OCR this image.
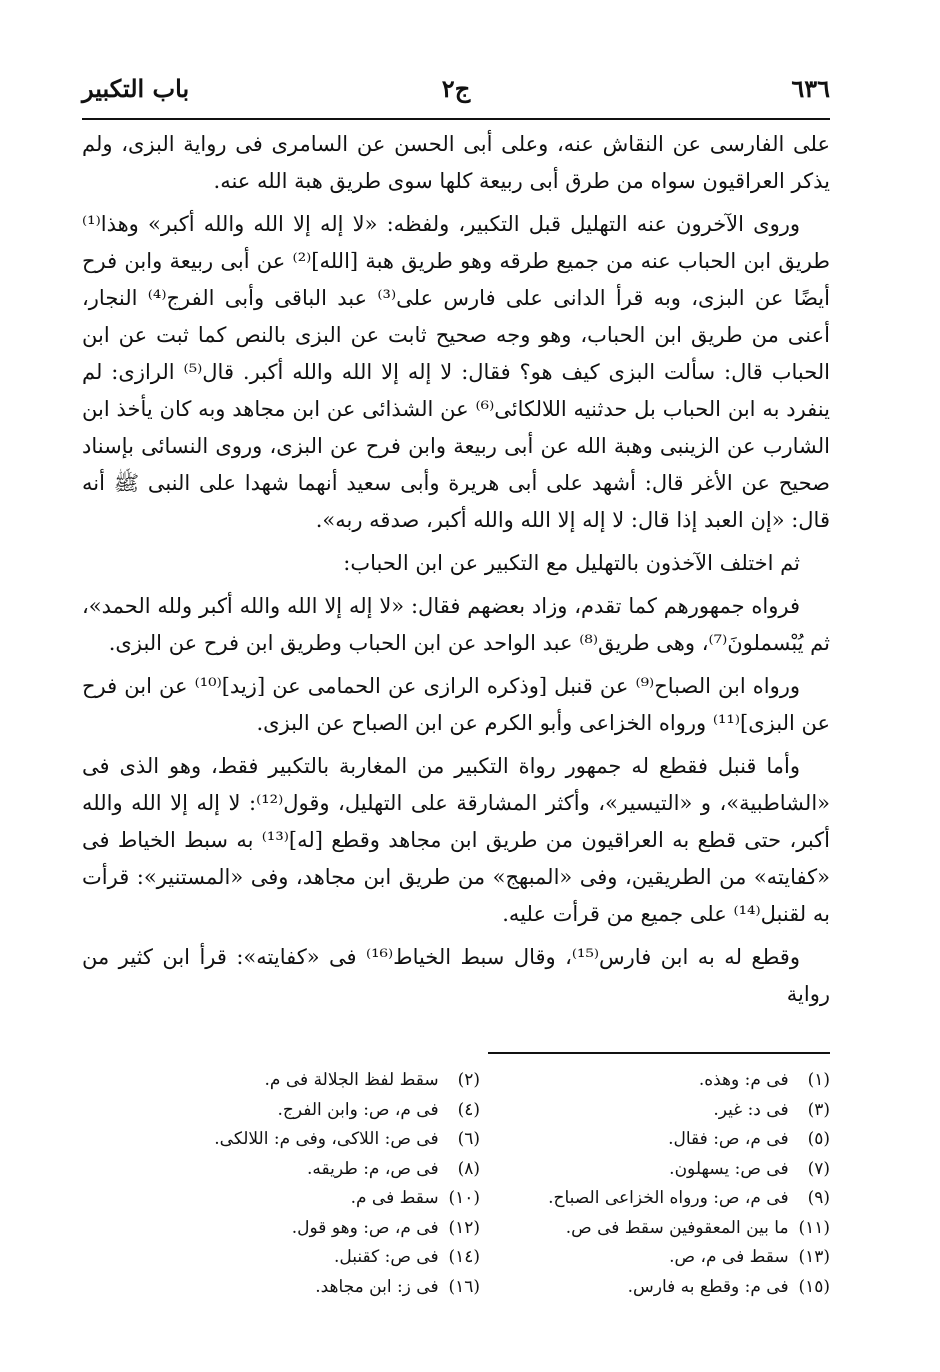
٦٣٦
ج٢
باب التكبير

على الفارسى عن النقاش عنه، وعلى أبى الحسن عن السامرى فى رواية البزى، ولم يذكر العراقيون سواه من طرق أبى ربيعة كلها سوى طريق هبة الله عنه.

وروى الآخرون عنه التهليل قبل التكبير، ولفظه: «لا إله إلا الله والله أكبر» وهذا⁽¹⁾ طريق ابن الحباب عنه من جميع طرقه وهو طريق هبة [الله]⁽²⁾ عن أبى ربيعة وابن فرح أيضًا عن البزى، وبه قرأ الدانى على فارس على⁽³⁾ عبد الباقى وأبى الفرج⁽⁴⁾ النجار، أعنى من طريق ابن الحباب، وهو وجه صحيح ثابت عن البزى بالنص كما ثبت عن ابن الحباب قال: سألت البزى كيف هو؟ فقال: لا إله إلا الله والله أكبر. قال⁽⁵⁾ الرازى: لم ينفرد به ابن الحباب بل حدثنيه اللالكائى⁽⁶⁾ عن الشذائى عن ابن مجاهد وبه كان يأخذ ابن الشارب عن الزينبى وهبة الله عن أبى ربيعة وابن فرح عن البزى، وروى النسائى بإسناد صحيح عن الأغر قال: أشهد على أبى هريرة وأبى سعيد أنهما شهدا على النبى ﷺ أنه قال: «إن العبد إذا قال: لا إله إلا الله والله أكبر، صدقه ربه».

ثم اختلف الآخذون بالتهليل مع التكبير عن ابن الحباب:

فرواه جمهورهم كما تقدم، وزاد بعضهم فقال: «لا إله إلا الله والله أكبر ولله الحمد»، ثم يُبْسملونَ⁽⁷⁾، وهى طريق⁽⁸⁾ عبد الواحد عن ابن الحباب وطريق ابن فرح عن البزى.

ورواه ابن الصباح⁽⁹⁾ عن قنبل [وذكره الرازى عن الحمامى عن [زيد]⁽¹⁰⁾ عن ابن فرح عن البزى]⁽¹¹⁾ ورواه الخزاعى وأبو الكرم عن ابن الصباح عن البزى.

وأما قنبل فقطع له جمهور رواة التكبير من المغاربة بالتكبير فقط، وهو الذى فى «الشاطبية»، و «التيسير»، وأكثر المشارقة على التهليل، وقول⁽¹²⁾: لا إله إلا الله والله أكبر، حتى قطع به العراقيون من طريق ابن مجاهد وقطع [له]⁽¹³⁾ به سبط الخياط فى «كفايته» من الطريقين، وفى «المبهج» من طريق ابن مجاهد، وفى «المستنير»: قرأت به لقنبل⁽¹⁴⁾ على جميع من قرأت عليه.

وقطع له به ابن فارس⁽¹⁵⁾، وقال سبط الخياط⁽¹⁶⁾ فى «كفايته»: قرأ ابن كثير من رواية

(١) فى م: وهذه.
(٣) فى د: غير.
(٥) فى م، ص: فقال.
(٧) فى ص: يسهلون.
(٩) فى م، ص: ورواه الخزاعى الصباح.
(١١) ما بين المعقوفين سقط فى ص.
(١٣) سقط فى م، ص.
(١٥) فى م: وقطع به فارس.
(٢) سقط لفظ الجلالة فى م.
(٤) فى م، ص: وابن الفرج.
(٦) فى ص: اللاكى، وفى م: اللالكى.
(٨) فى ص، م: طريقه.
(١٠) سقط فى م.
(١٢) فى م، ص: وهو قول.
(١٤) فى ص: كقنبل.
(١٦) فى ز: ابن مجاهد.
